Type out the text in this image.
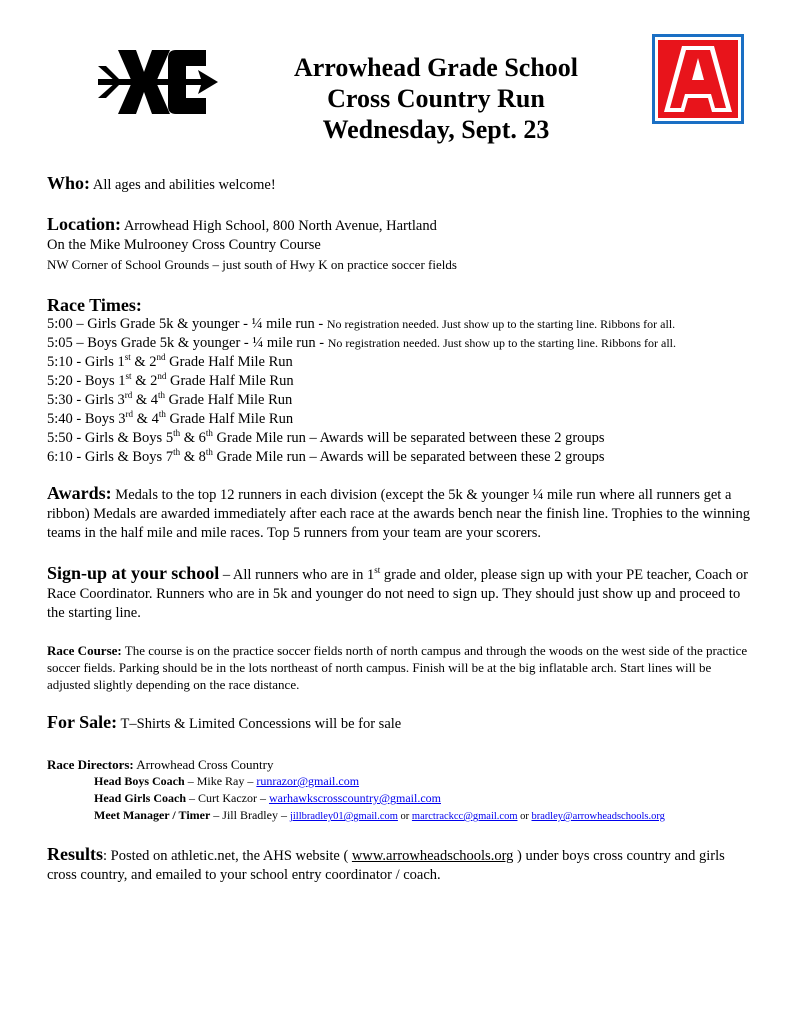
Arrowhead Grade School
Cross Country Run
Wednesday, Sept. 23
Who: All ages and abilities welcome!
Location: Arrowhead High School, 800 North Avenue, Hartland
On the Mike Mulrooney Cross Country Course
NW Corner of School Grounds – just south of Hwy K on practice soccer fields
Race Times:
5:00 – Girls Grade 5k & younger - ¼ mile run - No registration needed. Just show up to the starting line. Ribbons for all.
5:05 – Boys Grade 5k & younger - ¼ mile run - No registration needed. Just show up to the starting line. Ribbons for all.
5:10 - Girls 1st & 2nd Grade Half Mile Run
5:20 - Boys 1st & 2nd Grade Half Mile Run
5:30 - Girls 3rd & 4th Grade Half Mile Run
5:40 - Boys 3rd & 4th Grade Half Mile Run
5:50 - Girls & Boys 5th & 6th Grade Mile run – Awards will be separated between these 2 groups
6:10 - Girls & Boys 7th & 8th Grade Mile run – Awards will be separated between these 2 groups
Awards: Medals to the top 12 runners in each division (except the 5k & younger ¼ mile run where all runners get a ribbon) Medals are awarded immediately after each race at the awards bench near the finish line. Trophies to the winning teams in the half mile and mile races. Top 5 runners from your team are your scorers.
Sign-up at your school – All runners who are in 1st grade and older, please sign up with your PE teacher, Coach or Race Coordinator. Runners who are in 5k and younger do not need to sign up. They should just show up and proceed to the starting line.
Race Course: The course is on the practice soccer fields north of north campus and through the woods on the west side of the practice soccer fields. Parking should be in the lots northeast of north campus. Finish will be at the big inflatable arch. Start lines will be adjusted slightly depending on the race distance.
For Sale: T–Shirts & Limited Concessions will be for sale
Race Directors: Arrowhead Cross Country
Head Boys Coach – Mike Ray – runrazor@gmail.com
Head Girls Coach – Curt Kaczor – warhawkscrosscountry@gmail.com
Meet Manager / Timer – Jill Bradley – jillbradley01@gmail.com or marctrackcc@gmail.com or bradley@arrowheadschools.org
Results: Posted on athletic.net, the AHS website ( www.arrowheadschools.org ) under boys cross country and girls cross country, and emailed to your school entry coordinator / coach.
